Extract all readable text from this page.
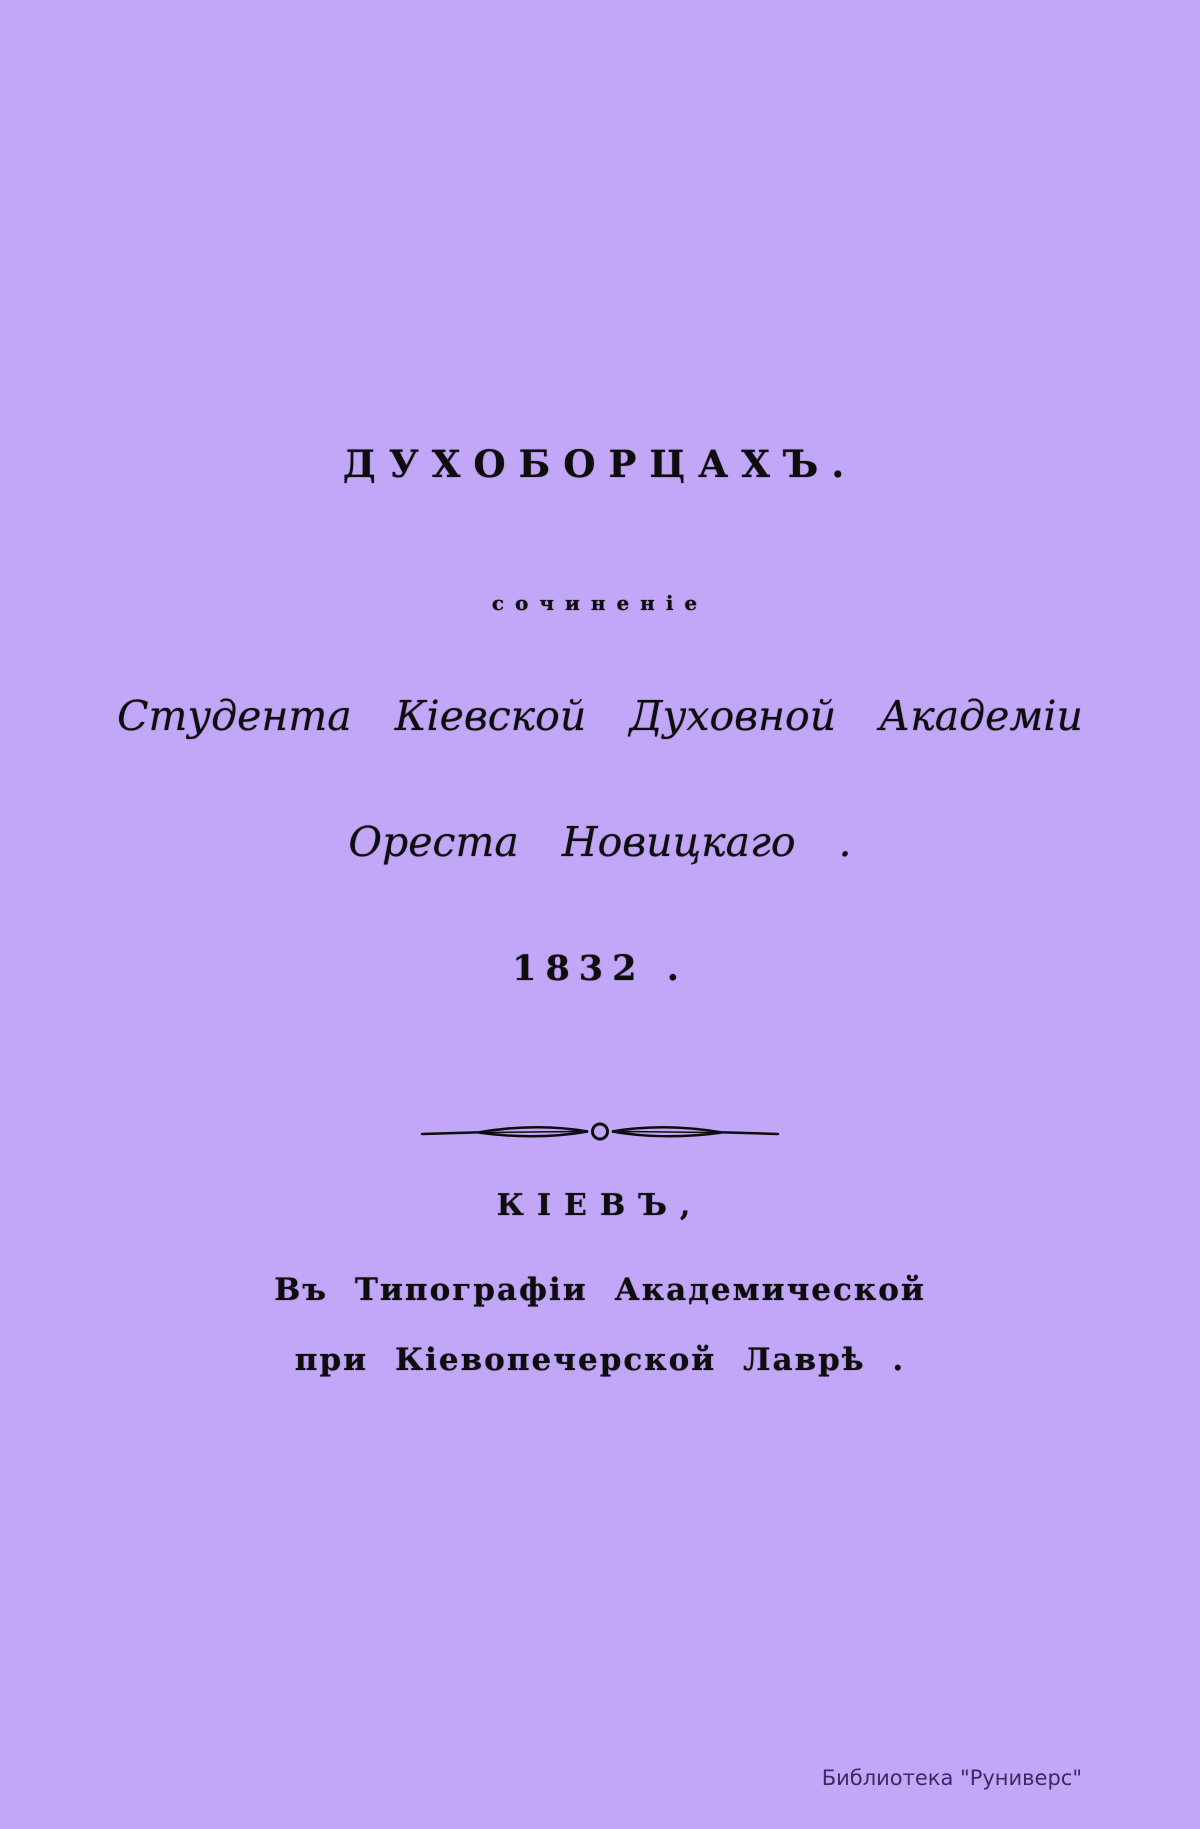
ДУХОБОРЦАХЪ.
сочиненіе
Студента Кіевской Духовной Академіи
Ореста Новицкаго .
1832 .
КІЕВЪ,
Въ Типографіи Академической
при Кіевопечерской Лаврѣ .
Библиотека "Руниверс"
